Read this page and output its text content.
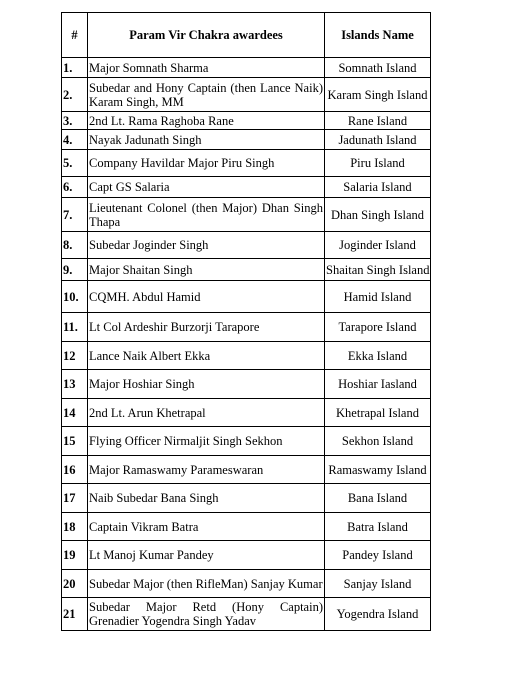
#	Param Vir Chakra awardees	Islands Name
1.	Major Somnath Sharma	Somnath Island
2.	Subedar and Hony Captain (then Lance Naik) Karam Singh, MM	Karam Singh Island
3.	2nd Lt. Rama Raghoba Rane	Rane Island
4.	Nayak Jadunath Singh	Jadunath Island
5.	Company Havildar Major Piru Singh	Piru Island
6.	Capt GS Salaria	Salaria Island
7.	Lieutenant Colonel (then Major) Dhan Singh Thapa	Dhan Singh Island
8.	Subedar Joginder Singh	Joginder Island
9.	Major Shaitan Singh	Shaitan Singh Island
10.	CQMH. Abdul Hamid	Hamid Island
11.	Lt Col Ardeshir Burzorji Tarapore	Tarapore Island
12	Lance Naik Albert Ekka	Ekka Island
13	Major Hoshiar Singh	Hoshiar Iasland
14	2nd Lt. Arun Khetrapal	Khetrapal Island
15	Flying Officer Nirmaljit Singh Sekhon	Sekhon Island
16	Major Ramaswamy Parameswaran	Ramaswamy Island
17	Naib Subedar Bana Singh	Bana Island
18	Captain Vikram Batra	Batra Island
19	Lt Manoj Kumar Pandey	Pandey Island
20	Subedar Major (then RifleMan) Sanjay Kumar	Sanjay Island
21	Subedar Major Retd (Hony Captain) Grenadier Yogendra Singh Yadav	Yogendra Island
